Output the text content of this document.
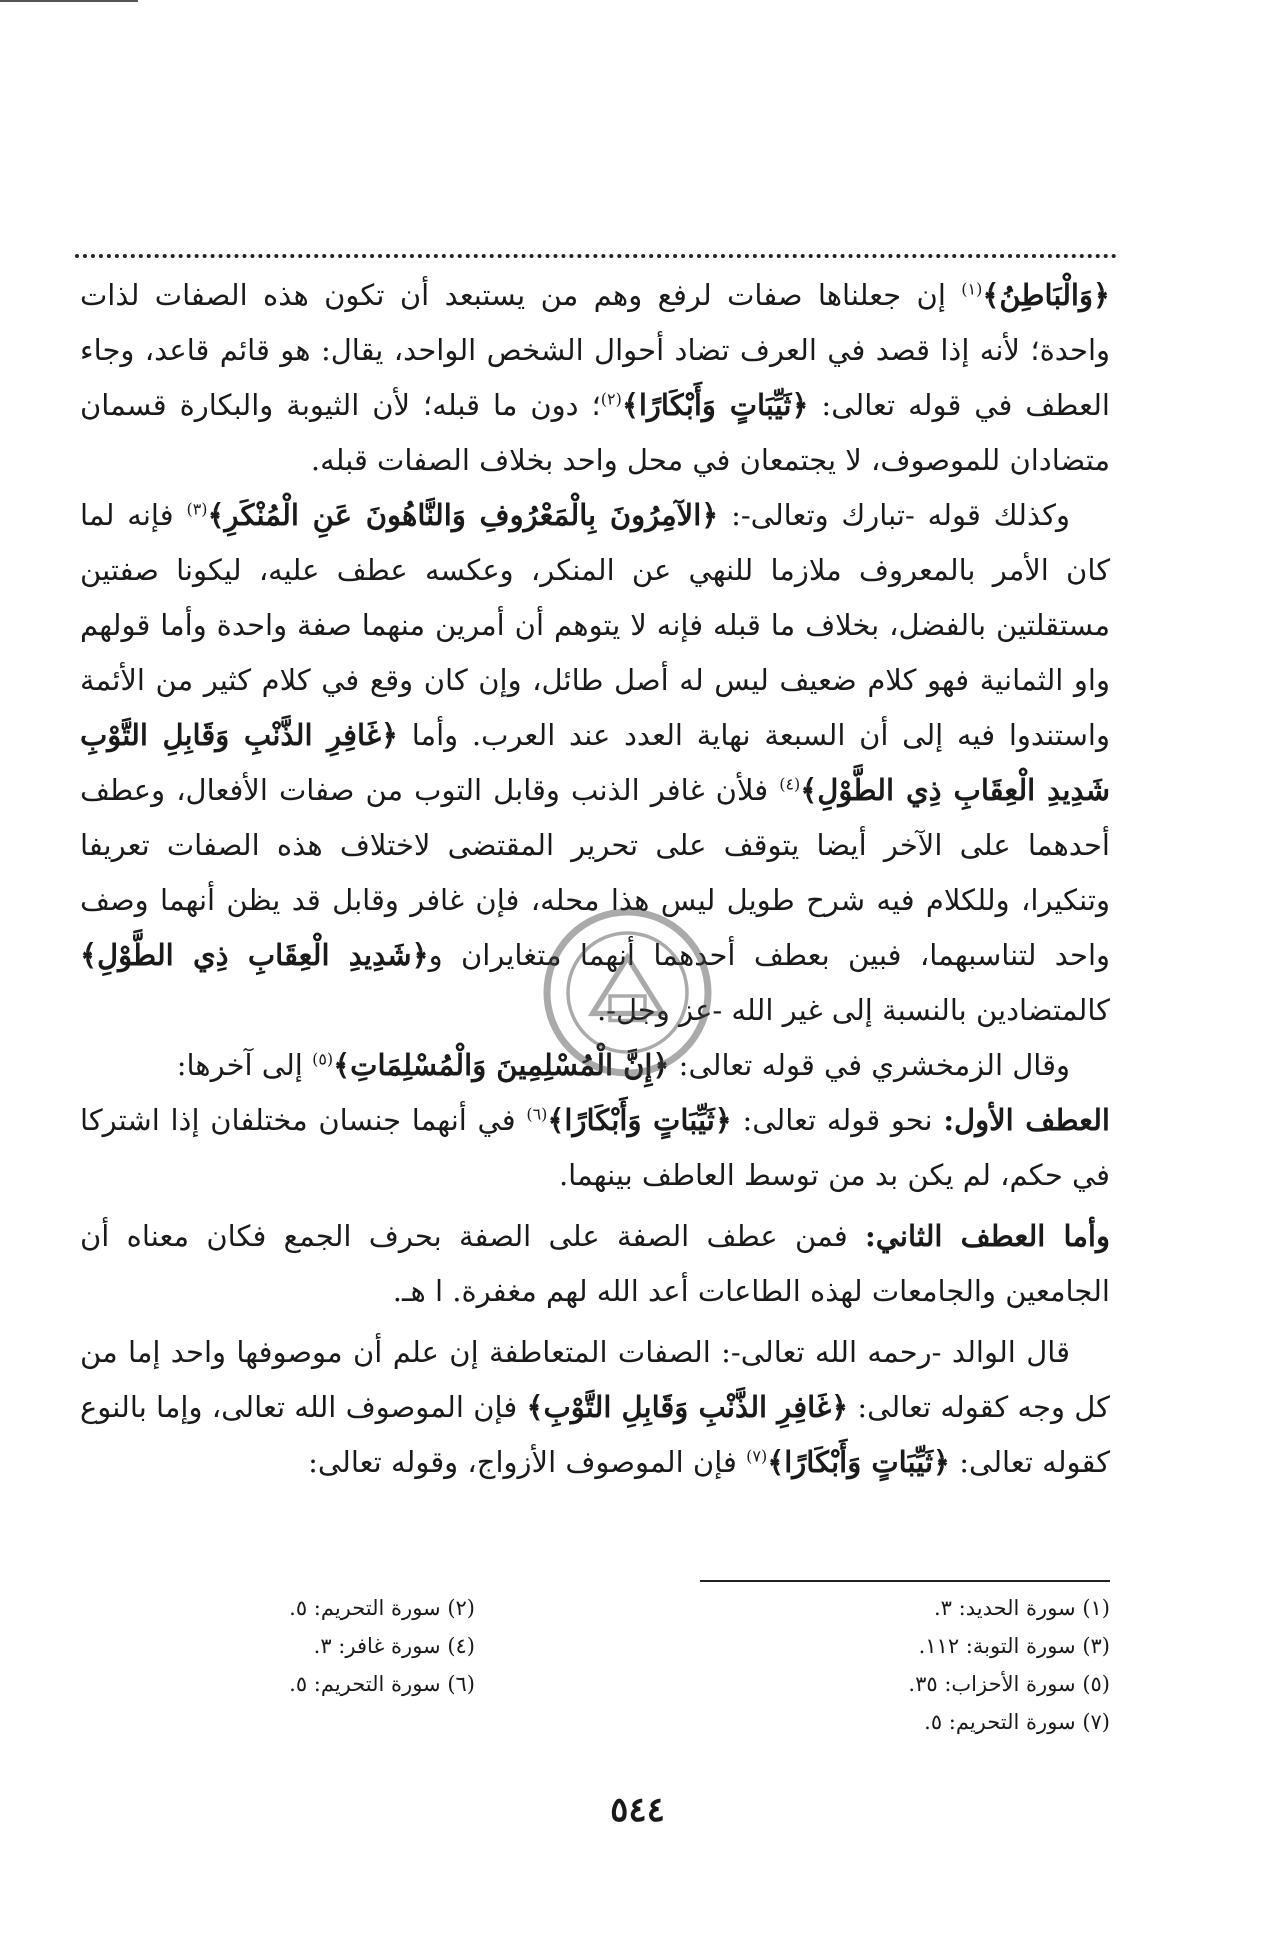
﴿وَالْبَاطِنُ﴾$^{(١)}$ إن جعلناها صفات لرفع وهم من يستبعد أن تكون هذه الصفات لذات واحدة؛ لأنه إذا قصد في العرف تضاد أحوال الشخص الواحد، يقال: هو قائم قاعد، وجاء العطف في قوله تعالى: ﴿ثَيِّبَاتٍ وَأَبْكَارًا﴾$^{(٢)}$؛ دون ما قبله؛ لأن الثيوبة والبكارة قسمان متضادان للموصوف، لا يجتمعان في محل واحد بخلاف الصفات قبله.

وكذلك قوله -تبارك وتعالى-: ﴿الآمِرُونَ بِالْمَعْرُوفِ وَالنَّاهُونَ عَنِ الْمُنْكَرِ﴾$^{(٣)}$ فإنه لما كان الأمر بالمعروف ملازما للنهي عن المنكر، وعكسه عطف عليه، ليكونا صفتين مستقلتين بالفضل، بخلاف ما قبله فإنه لا يتوهم أن أمرين منهما صفة واحدة وأما قولهم واو الثمانية فهو كلام ضعيف ليس له أصل طائل، وإن كان وقع في كلام كثير من الأئمة واستندوا فيه إلى أن السبعة نهاية العدد عند العرب. وأما ﴿غَافِرِ الذَّنْبِ وَقَابِلِ التَّوْبِ شَدِيدِ الْعِقَابِ ذِي الطَّوْلِ﴾$^{(٤)}$ فلأن غافر الذنب وقابل التوب من صفات الأفعال، وعطف أحدهما على الآخر أيضا يتوقف على تحرير المقتضى لاختلاف هذه الصفات تعريفا وتنكيرا، وللكلام فيه شرح طويل ليس هذا محله، فإن غافر وقابل قد يظن أنهما وصف واحد لتناسبهما، فبين بعطف أحدهما أنهما متغايران و﴿شَدِيدِ الْعِقَابِ ذِي الطَّوْلِ﴾ كالمتضادين بالنسبة إلى غير الله -عز وجل-.

وقال الزمخشري في قوله تعالى: ﴿إِنَّ الْمُسْلِمِينَ وَالْمُسْلِمَاتِ﴾$^{(٥)}$ إلى آخرها:

العطف الأول: نحو قوله تعالى: ﴿ثَيِّبَاتٍ وَأَبْكَارًا﴾$^{(٦)}$ في أنهما جنسان مختلفان إذا اشتركا في حكم، لم يكن بد من توسط العاطف بينهما.

وأما العطف الثاني: فمن عطف الصفة على الصفة بحرف الجمع فكان معناه أن الجامعين والجامعات لهذه الطاعات أعد الله لهم مغفرة. ا هـ.

قال الوالد -رحمه الله تعالى-: الصفات المتعاطفة إن علم أن موصوفها واحد إما من كل وجه كقوله تعالى: ﴿غَافِرِ الذَّنْبِ وَقَابِلِ التَّوْبِ﴾ فإن الموصوف الله تعالى، وإما بالنوع كقوله تعالى: ﴿ثَيِّبَاتٍ وَأَبْكَارًا﴾$^{(٧)}$ فإن الموصوف الأزواج، وقوله تعالى:

(١) سورة الحديد: ٣.
(٢) سورة التحريم: ٥.
(٣) سورة التوبة: ١١٢.
(٤) سورة غافر: ٣.
(٥) سورة الأحزاب: ٣٥.
(٦) سورة التحريم: ٥.
(٧) سورة التحريم: ٥.
٥٤٤
